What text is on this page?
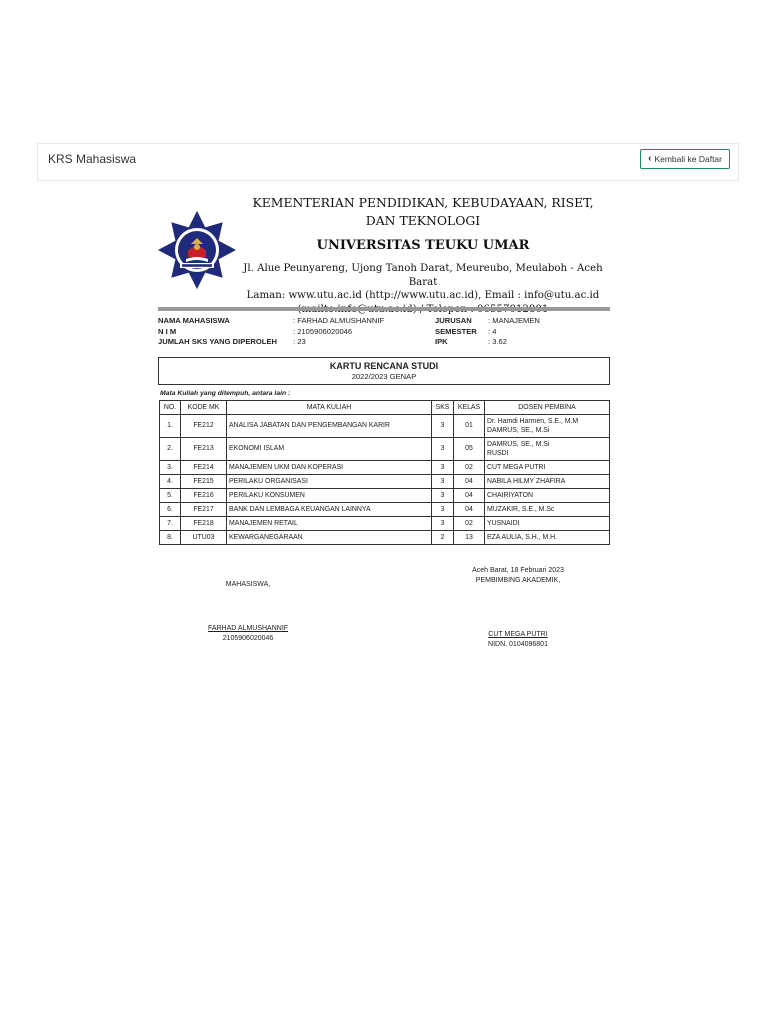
KRS Mahasiswa	‹ Kembali ke Daftar
KEMENTERIAN PENDIDIKAN, KEBUDAYAAN, RISET,
DAN TEKNOLOGI
UNIVERSITAS TEUKU UMAR
Jl. Alue Peunyareng, Ujong Tanoh Darat, Meureubo, Meulaboh - Aceh Barat
Laman: www.utu.ac.id (http://www.utu.ac.id), Email : info@utu.ac.id
NAMA MAHASISWA	: FARHAD ALMUSHANNIF	JURUSAN	: MANAJEMEN
N I M	: 2105906020046	SEMESTER	: 4
JUMLAH SKS YANG DIPEROLEH	: 23	IPK	: 3.62
KARTU RENCANA STUDI
2022/2023 GENAP
Mata Kuliah yang ditempuh, antara lain :
NO.	KODE MK	MATA KULIAH	SKS	KELAS	DOSEN PEMBINA
1.	FE212	ANALISA JABATAN DAN PENGEMBANGAN KARIR	3	01	Dr. Hamdi Harmen, S.E., M.M
DAMRUS, SE., M.Si

2.	FE213	EKONOMI ISLAM	3	05	DAMRUS, SE., M.Si
RUSDI

3.	FE214	MANAJEMEN UKM DAN KOPERASI	3	02	CUT MEGA PUTRI
4.	FE215	PERILAKU ORGANISASI	3	04	NABILA HILMY ZHAFIRA
5.	FE216	PERILAKU KONSUMEN	3	04	CHAIRIYATON
6.	FE217	BANK DAN LEMBAGA KEUANGAN LAINNYA	3	04	MUZAKIR, S.E., M.Sc
7.	FE218	MANAJEMEN RETAIL	3	02	YUSNAIDI
8.	UTU03	KEWARGANEGARAAN	2	13	EZA AULIA, S.H., M.H.
MAHASISWA,
FARHAD ALMUSHANNIF
2105906020046
Aceh Barat, 18 Februari 2023
PEMBIMBING AKADEMIK,
CUT MEGA PUTRI
NIDN. 0104096801
